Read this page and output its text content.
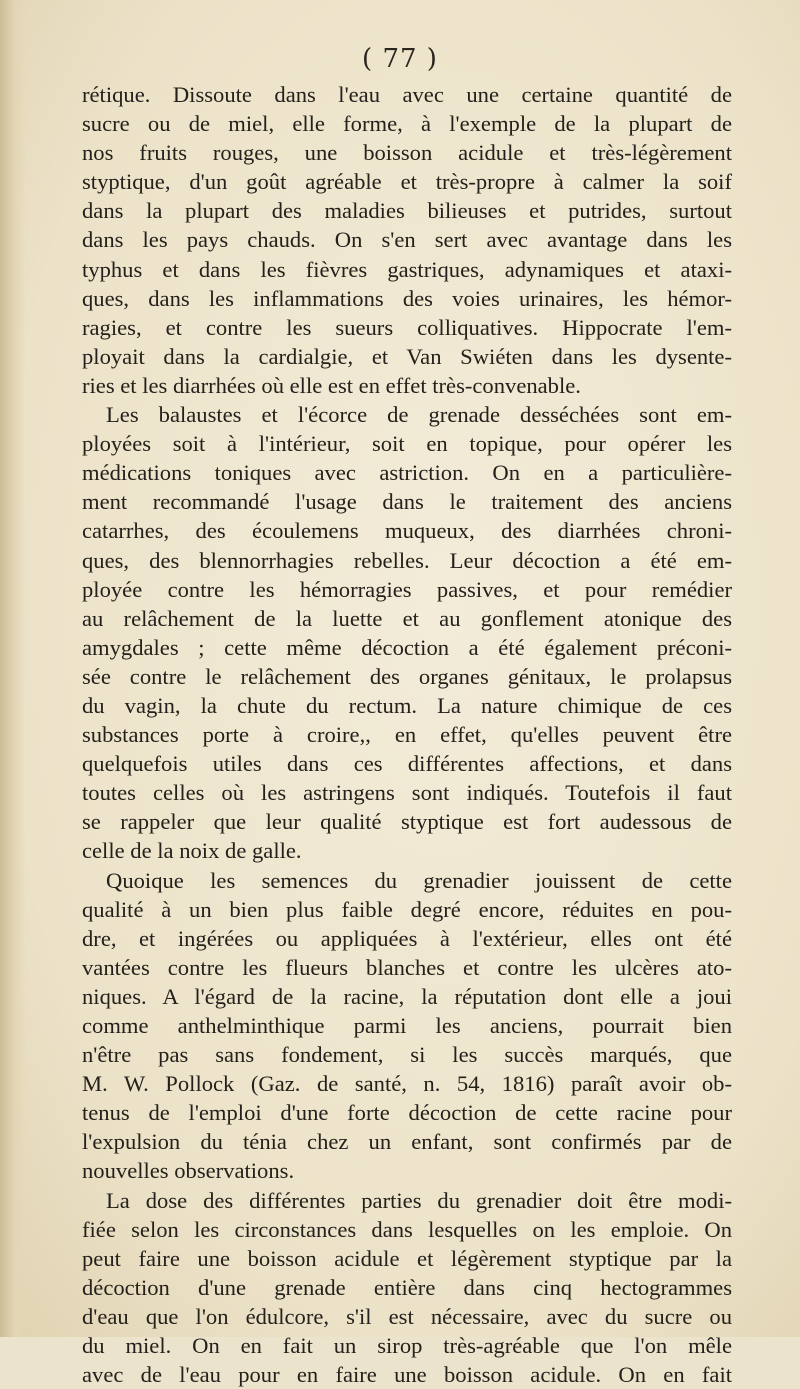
( 77 )
rétique. Dissoute dans l'eau avec une certaine quantité de
sucre ou de miel, elle forme, à l'exemple de la plupart de
nos fruits rouges, une boisson acidule et très-légèrement
styptique, d'un goût agréable et très-propre à calmer la soif
dans la plupart des maladies bilieuses et putrides, surtout
dans les pays chauds. On s'en sert avec avantage dans les
typhus et dans les fièvres gastriques, adynamiques et ataxi-
ques, dans les inflammations des voies urinaires, les hémor-
ragies, et contre les sueurs colliquatives. Hippocrate l'em-
ployait dans la cardialgie, et Van Swiéten dans les dysente-
ries et les diarrhées où elle est en effet très-convenable.
Les balaustes et l'écorce de grenade desséchées sont em-
ployées soit à l'intérieur, soit en topique, pour opérer les
médications toniques avec astriction. On en a particulière-
ment recommandé l'usage dans le traitement des anciens
catarrhes, des écoulemens muqueux, des diarrhées chroni-
ques, des blennorrhagies rebelles. Leur décoction a été em-
ployée contre les hémorragies passives, et pour remédier
au relâchement de la luette et au gonflement atonique des
amygdales ; cette même décoction a été également préconi-
sée contre le relâchement des organes génitaux, le prolapsus
du vagin, la chute du rectum. La nature chimique de ces
substances porte à croire,, en effet, qu'elles peuvent être
quelquefois utiles dans ces différentes affections, et dans
toutes celles où les astringens sont indiqués. Toutefois il faut
se rappeler que leur qualité styptique est fort audessous de
celle de la noix de galle.
Quoique les semences du grenadier jouissent de cette
qualité à un bien plus faible degré encore, réduites en pou-
dre, et ingérées ou appliquées à l'extérieur, elles ont été
vantées contre les flueurs blanches et contre les ulcères ato-
niques. A l'égard de la racine, la réputation dont elle a joui
comme anthelminthique parmi les anciens, pourrait bien
n'être pas sans fondement, si les succès marqués, que
M. W. Pollock (Gaz. de santé, n. 54, 1816) paraît avoir ob-
tenus de l'emploi d'une forte décoction de cette racine pour
l'expulsion du ténia chez un enfant, sont confirmés par de
nouvelles observations.
La dose des différentes parties du grenadier doit être modi-
fiée selon les circonstances dans lesquelles on les emploie. On
peut faire une boisson acidule et légèrement styptique par la
décoction d'une grenade entière dans cinq hectogrammes
d'eau que l'on édulcore, s'il est nécessaire, avec du sucre ou
du miel. On en fait un sirop très-agréable que l'on mêle
avec de l'eau pour en faire une boisson acidule. On en fait
